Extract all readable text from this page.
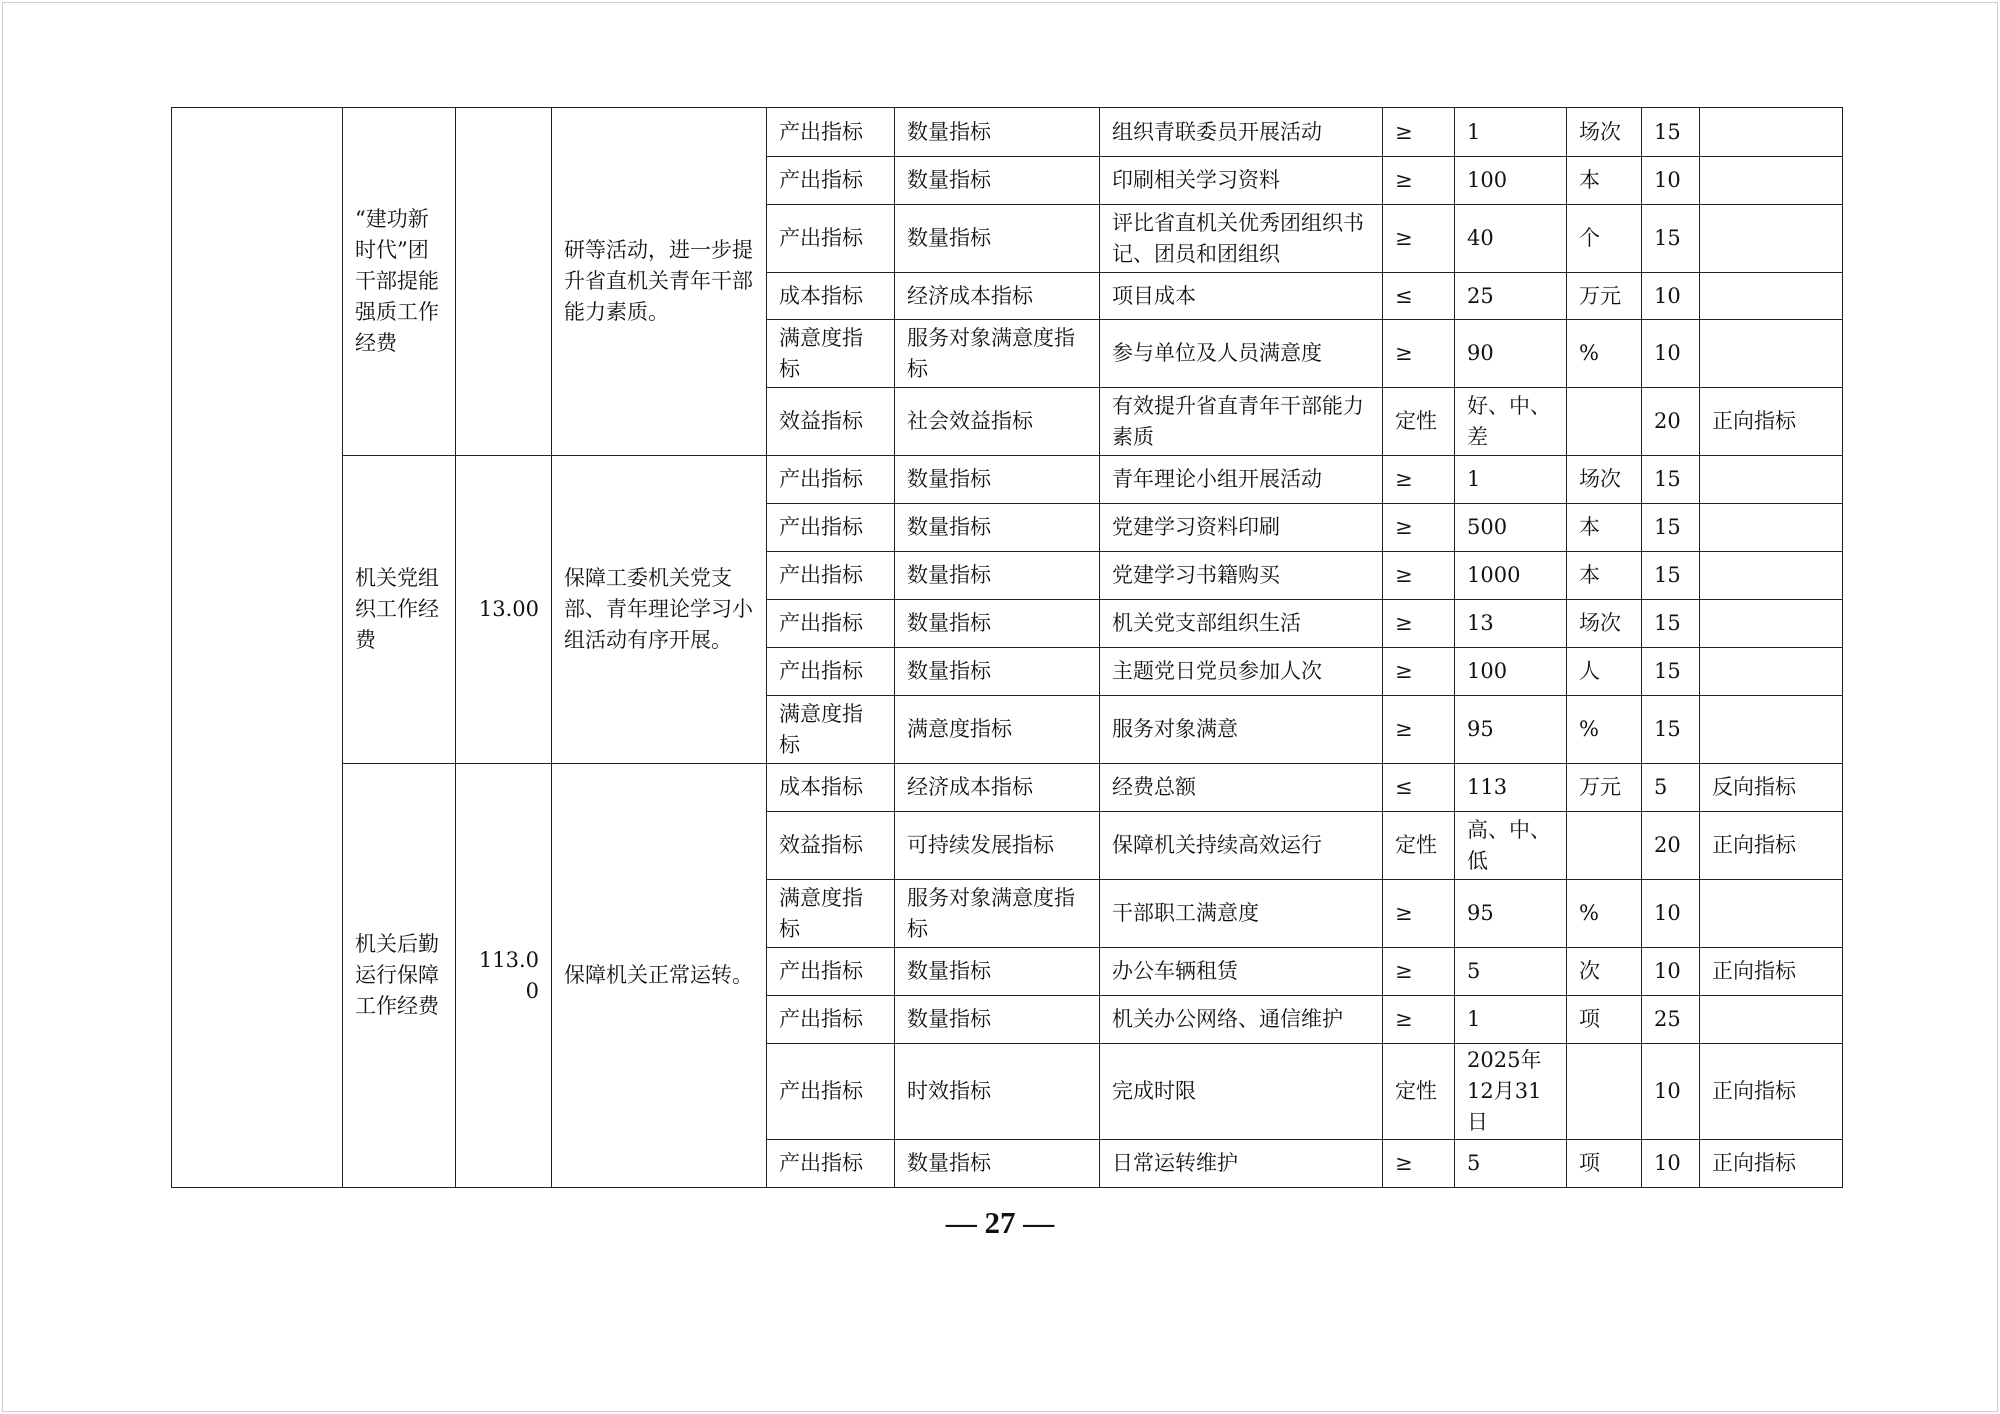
	“建功新时代”团干部提能强质工作经费		研等活动，进一步提升省直机关青年干部能力素质。	产出指标	数量指标	组织青联委员开展活动	≥	1	场次	15	
				产出指标	数量指标	印刷相关学习资料	≥	100	本	10	
				产出指标	数量指标	评比省直机关优秀团组织书记、团员和团组织	≥	40	个	15	
				成本指标	经济成本指标	项目成本	≤	25	万元	10	
				满意度指标	服务对象满意度指标	参与单位及人员满意度	≥	90	%	10	
				效益指标	社会效益指标	有效提升省直青年干部能力素质	定性	好、中、差		20	正向指标
	机关党组织工作经费	13.00	保障工委机关党支部、青年理论学习小组活动有序开展。	产出指标	数量指标	青年理论小组开展活动	≥	1	场次	15	
				产出指标	数量指标	党建学习资料印刷	≥	500	本	15	
				产出指标	数量指标	党建学习书籍购买	≥	1000	本	15	
				产出指标	数量指标	机关党支部组织生活	≥	13	场次	15	
				产出指标	数量指标	主题党日党员参加人次	≥	100	人	15	
				满意度指标	满意度指标	服务对象满意	≥	95	%	15	
	机关后勤运行保障工作经费	113.00	保障机关正常运转。	成本指标	经济成本指标	经费总额	≤	113	万元	5	反向指标
				效益指标	可持续发展指标	保障机关持续高效运行	定性	高、中、低		20	正向指标
				满意度指标	服务对象满意度指标	干部职工满意度	≥	95	%	10	
				产出指标	数量指标	办公车辆租赁	≥	5	次	10	正向指标
				产出指标	数量指标	机关办公网络、通信维护	≥	1	项	25	
				产出指标	时效指标	完成时限	定性	2025年12月31日		10	正向指标
				产出指标	数量指标	日常运转维护	≥	5	项	10	正向指标
— 27 —
